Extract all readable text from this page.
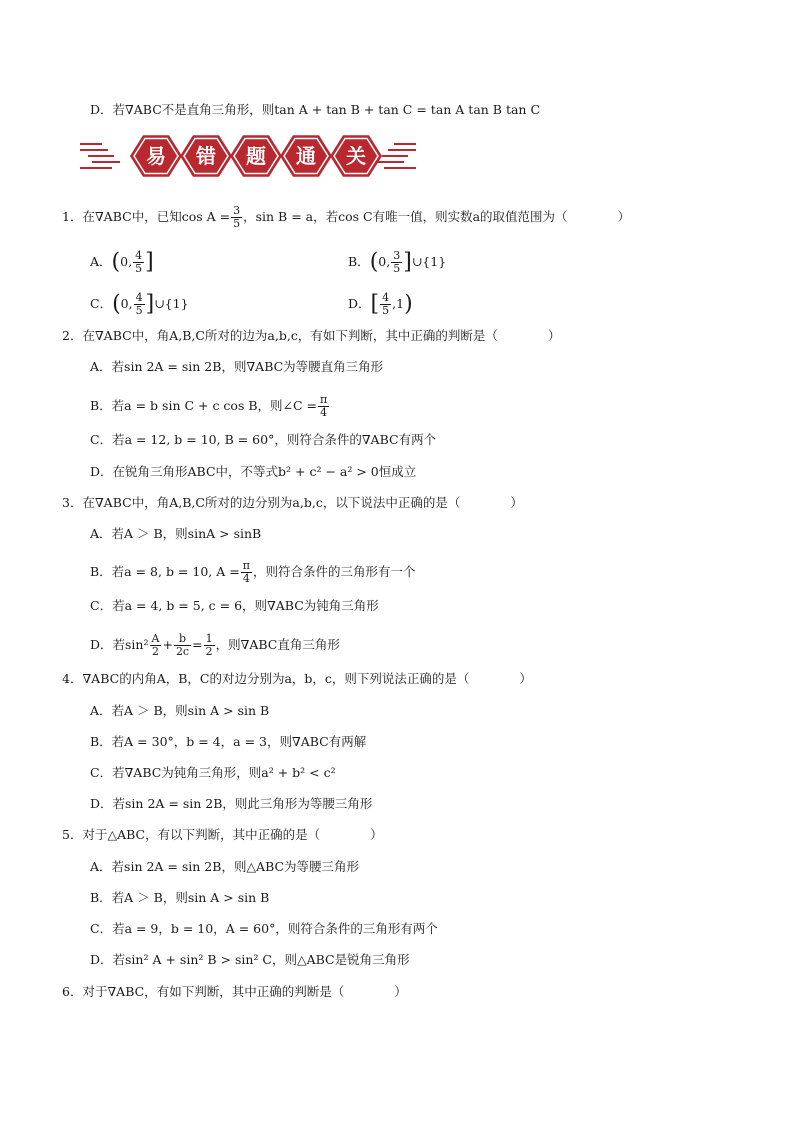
D．若∇ABC不是直角三角形，则tan A + tan B + tan C = tan A tan B tan C
易 错 题 通 关
1．在∇ABC中，已知$\cos A = \frac{3}{5}$ ，sin B = a，若cos C有唯一值，则实数a的取值范围为（　　　　）
A．(0, $\frac{4}{5}$ ]	B．(0, $\frac{3}{5}$ ]∪{1}
C．(0, $\frac{4}{5}$ ]∪{1}	D．[ $\frac{4}{5} ,1$)
2．在∇ABC中，角A,B,C所对的边为a,b,c，有如下判断，其中正确的判断是（　　　　）
A．若sin 2A = sin 2B，则∇ABC为等腰直角三角形
B．若a = b sin C + c cos B，则∠C = $\frac{\pi}{4}$
C．若a = 12, b = 10, B = 60°，则符合条件的∇ABC有两个
D．在锐角三角形ABC中，不等式b² + c² − a² > 0恒成立
3．在∇ABC中，角A,B,C所对的边分别为a,b,c，以下说法中正确的是（　　　　）
A．若A ＞ B，则sinA > sinB
B．若a = 8, b = 10, $A = \frac{\pi}{4}$ ，则符合条件的三角形有一个
C．若a = 4, b = 5, c = 6，则∇ABC为钝角三角形
D．若$\sin^2 \frac{A}{2} + \frac{b}{2c} = \frac{1}{2}$ ，则∇ABC直角三角形
4．∇ABC的内角A，B，C的对边分别为a，b，c，则下列说法正确的是（　　　　）
A．若A ＞ B，则sin A > sin B
B．若A = 30°，b = 4，a = 3，则∇ABC有两解
C．若∇ABC为钝角三角形，则a² + b² < c²
D．若sin 2A = sin 2B，则此三角形为等腰三角形
5．对于△ABC，有以下判断，其中正确的是（　　　　）
A．若sin 2A = sin 2B，则△ABC为等腰三角形
B．若A ＞ B，则sin A > sin B
C．若a = 9，b = 10，A = 60°，则符合条件的三角形有两个
D．若sin² A + sin² B > sin² C，则△ABC是锐角三角形
6．对于∇ABC，有如下判断，其中正确的判断是（　　　　）
